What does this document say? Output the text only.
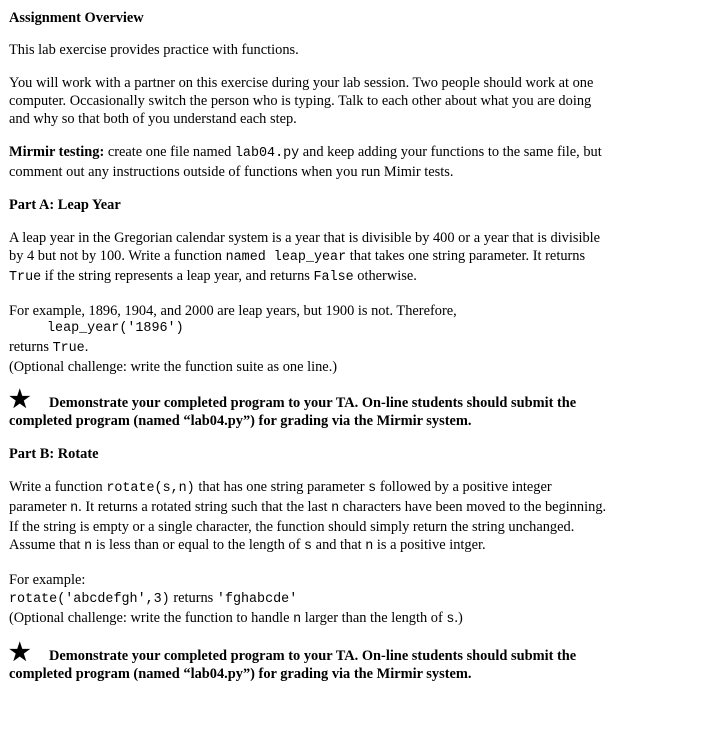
Assignment Overview

This lab exercise provides practice with functions.

You will work with a partner on this exercise during your lab session. Two people should work at one

computer. Occasionally switch the person who is typing. Talk to each other about what you are doing

and why so that both of you understand each step.

Mirmir testing: create one file named lab04.py and keep adding your functions to the same file, but

comment out any instructions outside of functions when you run Mimir tests.

Part A: Leap Year

A leap year in the Gregorian calendar system is a year that is divisible by 400 or a year that is divisible

by 4 but not by 100. Write a function named leap_year that takes one string parameter. It returns

True if the string represents a leap year, and returns False otherwise.

For example, 1896, 1904, and 2000 are leap years, but 1900 is not. Therefore,

leap_year('1896')

returns True.

(Optional challenge: write the function suite as one line.)

★ Demonstrate your completed program to your TA. On-line students should submit the

completed program (named “lab04.py”) for grading via the Mirmir system.

Part B: Rotate

Write a function rotate(s,n) that has one string parameter s followed by a positive integer

parameter n. It returns a rotated string such that the last n characters have been moved to the beginning.

If the string is empty or a single character, the function should simply return the string unchanged.

Assume that n is less than or equal to the length of s and that n is a positive intger.

For example:

rotate('abcdefgh',3) returns 'fghabcde'

(Optional challenge: write the function to handle n larger than the length of s.)

★ Demonstrate your completed program to your TA. On-line students should submit the

completed program (named “lab04.py”) for grading via the Mirmir system.
